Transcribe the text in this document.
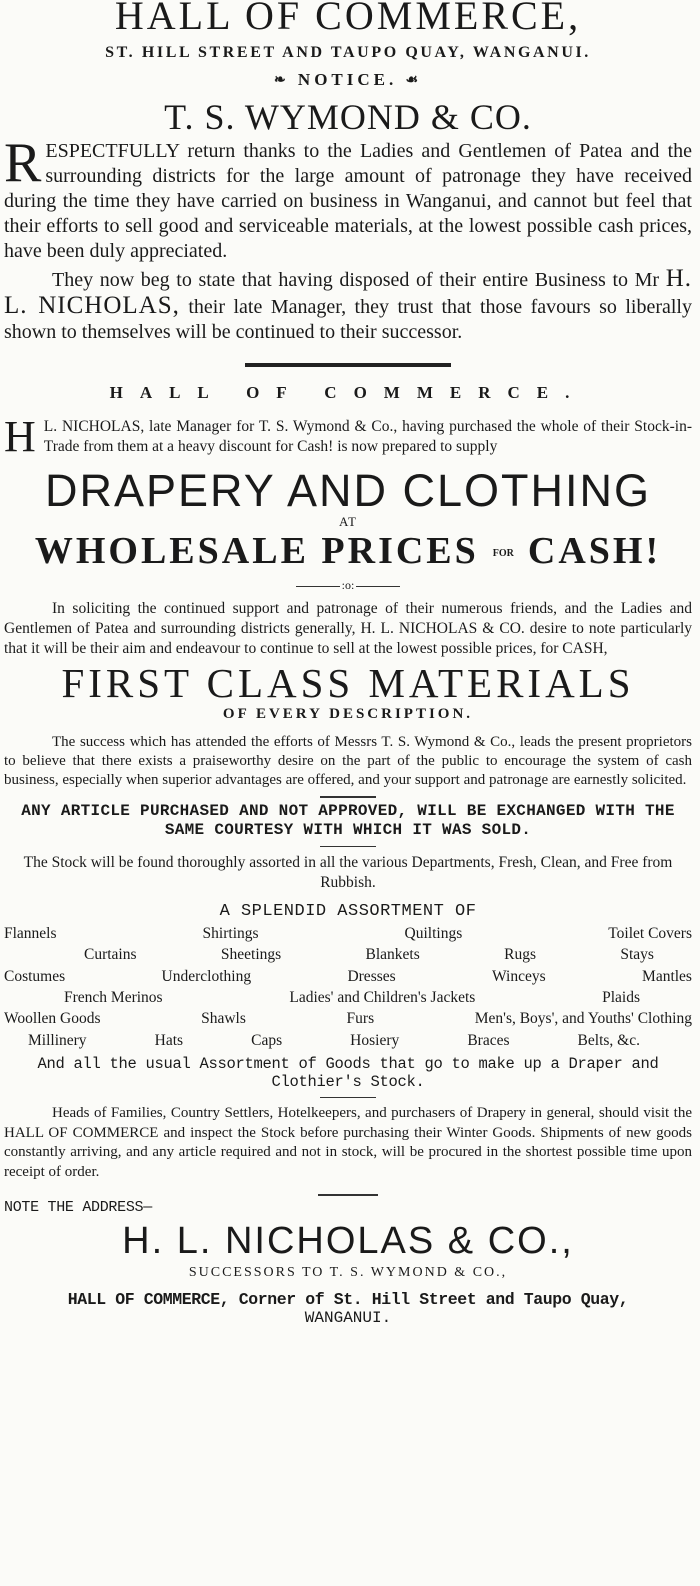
HALL OF COMMERCE,
ST. HILL STREET AND TAUPO QUAY, WANGANUI.
❧ NOTICE. ☙
T. S. WYMOND & CO.

RESPECTFULLY return thanks to the Ladies and Gentlemen of Patea and the surrounding districts for the large amount of patronage they have received during the time they have carried on business in Wanganui, and cannot but feel that their efforts to sell good and serviceable materials, at the lowest possible cash prices, have been duly appreciated.

They now beg to state that having disposed of their entire Business to Mr H. L. NICHOLAS, their late Manager, they trust that those favours so liberally shown to themselves will be continued to their successor.

HALL OF COMMERCE.

H L. NICHOLAS, late Manager for T. S. Wymond & Co., having purchased the whole of their Stock-in-Trade from them at a heavy discount for Cash! is now prepared to supply

DRAPERY AND CLOTHING
AT
WHOLESALE PRICES FOR CASH!
:o:

In soliciting the continued support and patronage of their numerous friends, and the Ladies and Gentlemen of Patea and surrounding districts generally, H. L. NICHOLAS & CO. desire to note particularly that it will be their aim and endeavour to continue to sell at the lowest possible prices, for CASH,

FIRST CLASS MATERIALS
OF EVERY DESCRIPTION.

The success which has attended the efforts of Messrs T. S. Wymond & Co., leads the present proprietors to believe that there exists a praiseworthy desire on the part of the public to encourage the system of cash business, especially when superior advantages are offered, and your support and patronage are earnestly solicited.

ANY ARTICLE PURCHASED AND NOT APPROVED, WILL BE EXCHANGED WITH THE SAME COURTESY WITH WHICH IT WAS SOLD.

The Stock will be found thoroughly assorted in all the various Departments, Fresh, Clean, and Free from Rubbish.

A SPLENDID ASSORTMENT OF
Flannels	Shirtings	Quiltings	Toilet Covers
Curtains	Sheetings	Blankets	Rugs	Stays
Costumes	Underclothing	Dresses	Winceys	Mantles
French Merinos	Ladies' and Children's Jackets	Plaids
Woollen Goods	Shawls	Furs	Men's, Boys', and Youths' Clothing
Millinery	Hats	Caps	Hosiery	Braces	Belts, &c.
And all the usual Assortment of Goods that go to make up a Draper and Clothier's Stock.

Heads of Families, Country Settlers, Hotelkeepers, and purchasers of Drapery in general, should visit the HALL OF COMMERCE and inspect the Stock before purchasing their Winter Goods. Shipments of new goods constantly arriving, and any article required and not in stock, will be procured in the shortest possible time upon receipt of order.

NOTE THE ADDRESS—
H. L. NICHOLAS & CO.,
SUCCESSORS TO T. S. WYMOND & CO.,
HALL OF COMMERCE, Corner of St. Hill Street and Taupo Quay,
WANGANUI.
